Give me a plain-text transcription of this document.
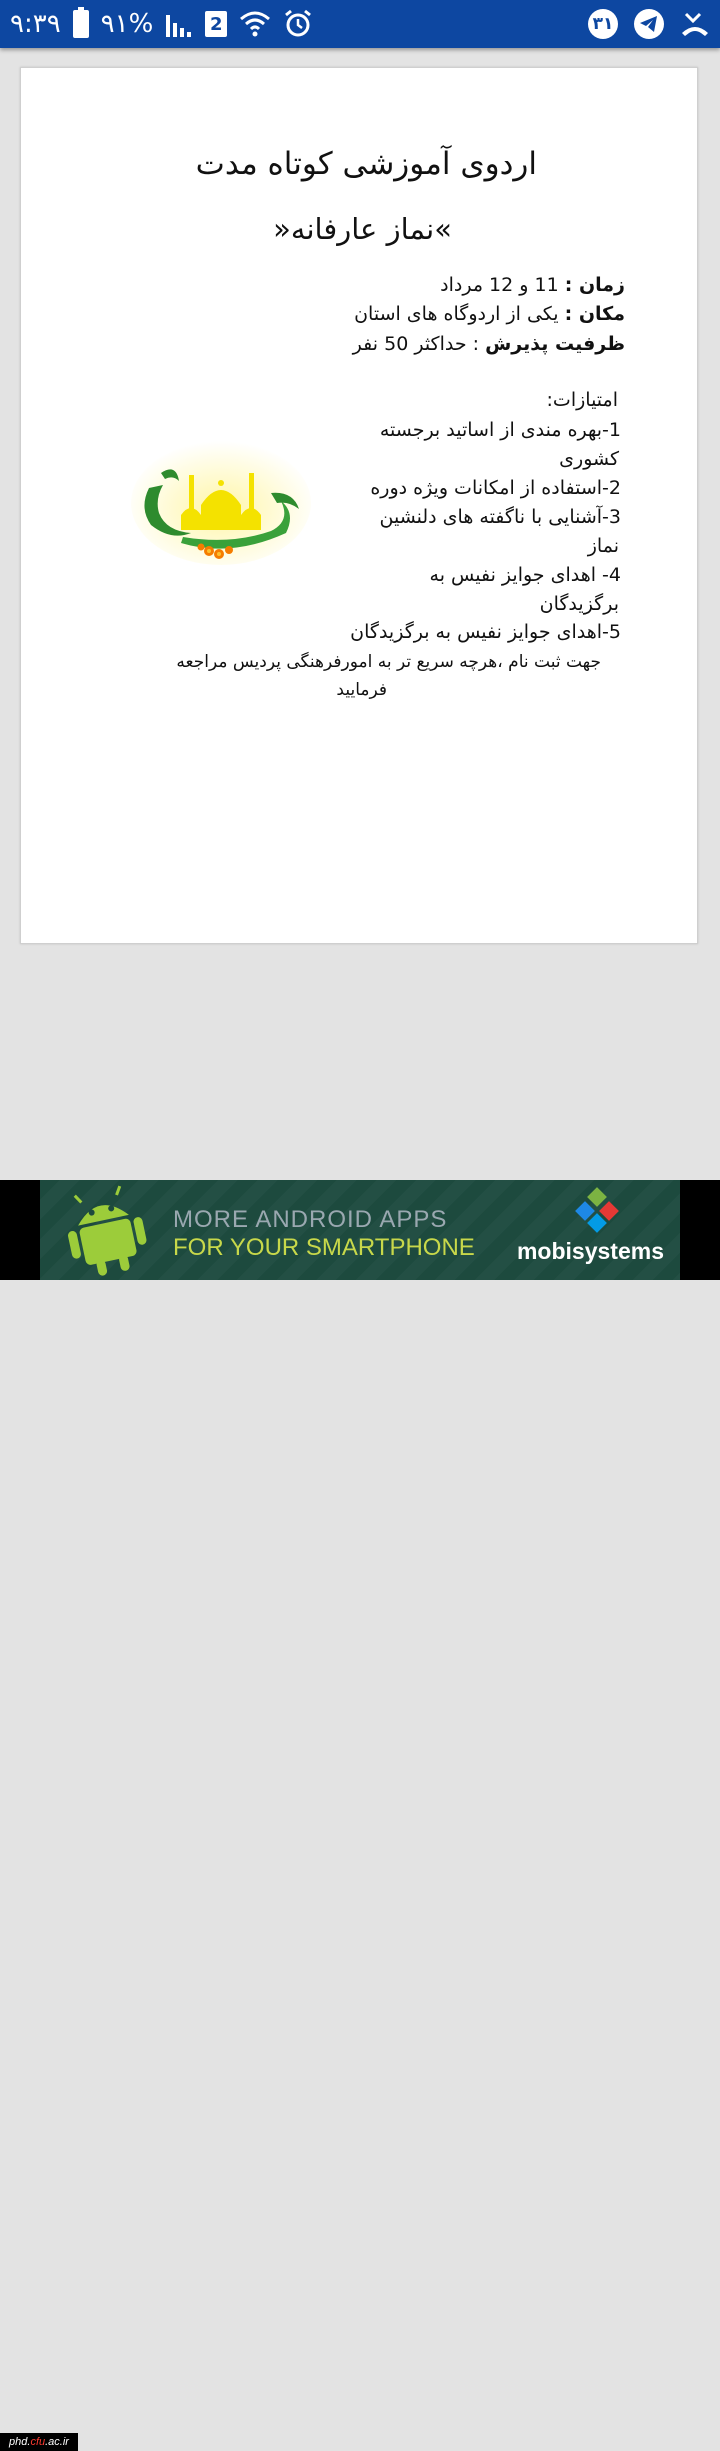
۹:۳۹ ۹۱%	2	۳۱
اردوی آموزشی کوتاه مدت
»نماز عارفانه«
زمان : 11 و 12 مرداد
مکان : یکی از اردوگاه های استان
ظرفیت پذیرش : حداکثر 50 نفر
امتیازات:
1-بهره مندی از اساتید برجسته
کشوری
2-استفاده از امکانات ویژه دوره
3-آشنایی با ناگفته های دلنشین
نماز
4- اهدای جوایز نفیس به
برگزیدگان
5-اهدای جوایز نفیس به برگزیدگان
جهت ثبت نام ،هرچه سریع تر به امورفرهنگی پردیس مراجعه
فرمایید
MORE ANDROID APPS
FOR YOUR SMARTPHONE mobisystems
phd. cfu .ac.ir
